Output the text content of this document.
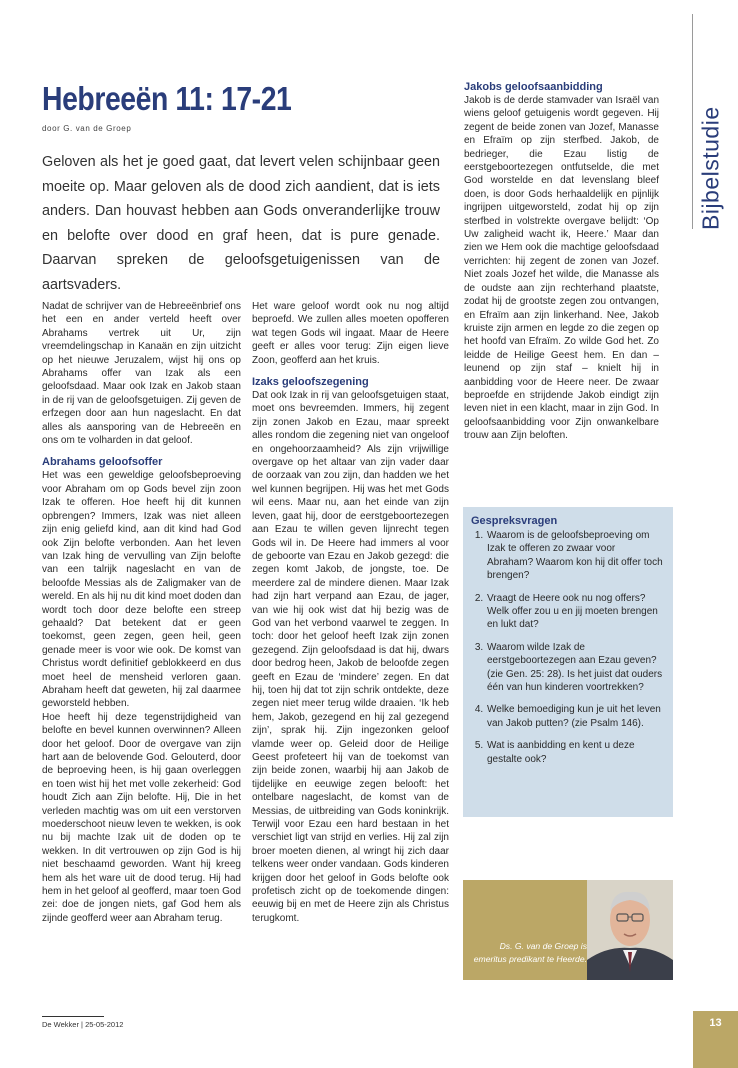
Hebreeën 11: 17-21
door G. van de Groep

Geloven als het je goed gaat, dat levert velen schijnbaar geen moeite op. Maar geloven als de dood zich aandient, dat is iets anders. Dan houvast hebben aan Gods onveranderlijke trouw en belofte over dood en graf heen, dat is pure genade. Daarvan spreken de geloofsgetuigenissen van de aartsvaders.

Nadat de schrijver van de Hebreeënbrief ons het een en ander verteld heeft over Abrahams vertrek uit Ur, zijn vreemdelingschap in Kanaän en zijn uitzicht op het nieuwe Jeruzalem, wijst hij ons op Abrahams offer van Izak als een geloofsdaad. Maar ook Izak en Jakob staan in de rij van de geloofsgetuigen. Zij geven de erfzegen door aan hun nageslacht. En dat alles als aansporing van de Hebreeën en ons om te volharden in dat geloof.

Abrahams geloofsoffer

Het was een geweldige geloofsbeproeving voor Abraham om op Gods bevel zijn zoon Izak te offeren. Hoe heeft hij dit kunnen opbrengen? Immers, Izak was niet alleen zijn enig geliefd kind, aan dit kind had God ook Zijn belofte verbonden. Aan het leven van Izak hing de vervulling van Zijn belofte van een talrijk nageslacht en van de beloofde Messias als de Zaligmaker van de wereld. En als hij nu dit kind moet doden dan wordt toch door deze belofte een streep gehaald? Dat betekent dat er geen toekomst, geen zegen, geen heil, geen genade meer is voor wie ook. De komst van Christus wordt definitief geblokkeerd en dus moet heel de mensheid verloren gaan. Abraham heeft dat geweten, hij zal daarmee geworsteld hebben.

Hoe heeft hij deze tegenstrijdigheid van belofte en bevel kunnen overwinnen? Alleen door het geloof. Door de overgave van zijn hart aan de belovende God. Gelouterd, door de beproeving heen, is hij gaan overleggen en toen wist hij het met volle zekerheid: God houdt Zich aan Zijn belofte. Hij, Die in het verleden machtig was om uit een verstorven moederschoot nieuw leven te wekken, is ook nu bij machte Izak uit de doden op te wekken. In dit vertrouwen op zijn God is hij niet beschaamd geworden. Want hij kreeg hem als het ware uit de dood terug. Hij had hem in het geloof al geofferd, maar toen God zei: doe de jongen niets, gaf God hem als zijnde geofferd weer aan Abraham terug.

Het ware geloof wordt ook nu nog altijd beproefd. We zullen alles moeten opofferen wat tegen Gods wil ingaat. Maar de Heere geeft er alles voor terug: Zijn eigen lieve Zoon, geofferd aan het kruis.

Izaks geloofszegening

Dat ook Izak in rij van geloofsgetuigen staat, moet ons bevreemden. Immers, hij zegent zijn zonen Jakob en Ezau, maar spreekt alles rondom die zegening niet van ongeloof en ongehoorzaamheid? Als zijn vrijwillige overgave op het altaar van zijn vader daar de oorzaak van zou zijn, dan hadden we het wel kunnen begrijpen. Hij was het met Gods wil eens. Maar nu, aan het einde van zijn leven, gaat hij, door de eerstgeboortezegen aan Ezau te willen geven lijnrecht tegen Gods wil in. De Heere had immers al voor de geboorte van Ezau en Jakob gezegd: die zegen komt Jakob, de jongste, toe. De meerdere zal de mindere dienen. Maar Izak had zijn hart verpand aan Ezau, de jager, van wie hij ook wist dat hij bezig was de God van het verbond vaarwel te zeggen. In toch: door het geloof heeft Izak zijn zonen gezegend. Zijn geloofsdaad is dat hij, dwars door bedrog heen, Jakob de beloofde zegen geeft en Ezau de ‘mindere’ zegen. En dat hij, toen hij dat tot zijn schrik ontdekte, deze zegen niet meer terug wilde draaien. ‘Ik heb hem, Jakob, gezegend en hij zal gezegend zijn’, sprak hij. Zijn ingezonken geloof vlamde weer op. Geleid door de Heilige Geest profeteert hij van de toekomst van zijn beide zonen, waarbij hij aan Jakob de tijdelijke en eeuwige zegen belooft: het ontelbare nageslacht, de komst van de Messias, de uitbreiding van Gods koninkrijk. Terwijl voor Ezau een hard bestaan in het verschiet ligt van strijd en verlies. Hij zal zijn broer moeten dienen, al wringt hij zich daar telkens weer onder vandaan. Gods kinderen krijgen door het geloof in Gods belofte ook profetisch zicht op de toekomende dingen: eeuwig bij en met de Heere zijn als Christus terugkomt.

Jakobs geloofsaanbidding

Jakob is de derde stamvader van Israël van wiens geloof getuigenis wordt gegeven. Hij zegent de beide zonen van Jozef, Manasse en Efraïm op zijn sterfbed. Jakob, de bedrieger, die Ezau listig de eerstgeboortezegen ontfutselde, die met God worstelde en dat levenslang bleef doen, is door Gods herhaaldelijk en pijnlijk ingrijpen uitgeworsteld, zodat hij op zijn sterfbed in volstrekte overgave belijdt: ‘Op Uw zaligheid wacht ik, Heere.’ Maar dan zien we Hem ook die machtige geloofsdaad verrichten: hij zegent de zonen van Jozef. Niet zoals Jozef het wilde, die Manasse als de oudste aan zijn rechterhand plaatste, zodat hij de grootste zegen zou ontvangen, en Efraïm aan zijn linkerhand. Nee, Jakob kruiste zijn armen en legde zo die zegen op het hoofd van Efraïm. Zo wilde God het. Zo leidde de Heilige Geest hem. En dan – leunend op zijn staf – knielt hij in aanbidding voor de Heere neer. De zwaar beproefde en strijdende Jakob eindigt zijn leven niet in een klacht, maar in zijn God. In geloofsaanbidding voor Zijn onwankelbare trouw aan Zijn beloften.

Bijbelstudie
Gespreksvragen
1. Waarom is de geloofsbeproeving om Izak te offeren zo zwaar voor Abraham? Waarom kon hij dit offer toch brengen?
2. Vraagt de Heere ook nu nog offers? Welk offer zou u en jij moeten brengen en lukt dat?
3. Waarom wilde Izak de eerstgeboortezegen aan Ezau geven? (zie Gen. 25: 28). Is het juist dat ouders één van hun kinderen voortrekken?
4. Welke bemoediging kun je uit het leven van Jakob putten? (zie Psalm 146).
5. Wat is aanbidding en kent u deze gestalte ook?
Ds. G. van de Groep is emeritus predikant te Heerde.
De Wekker | 25-05-2012	13
